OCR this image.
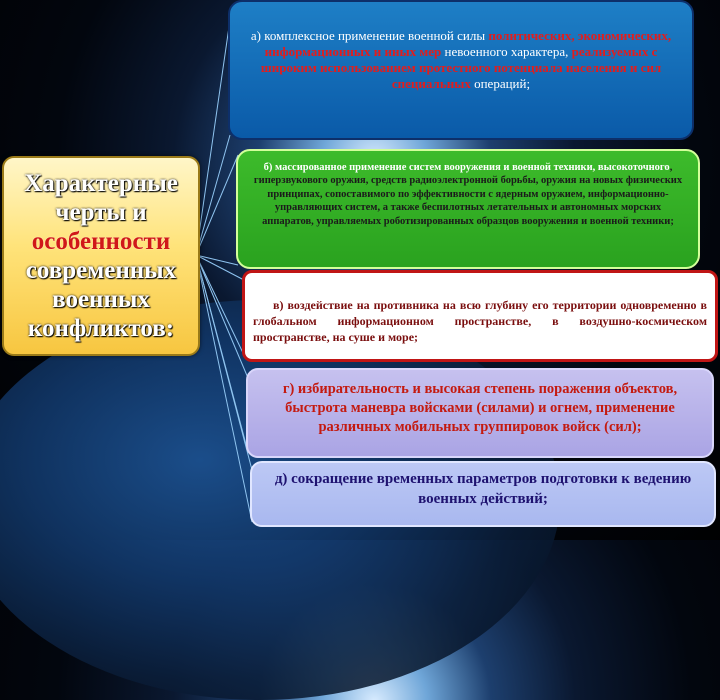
Характерные
черты и
особенности
современных
военных
конфликтов:
а) комплексное применение военной силы политических, экономических, информационных и иных мер невоенного характера, реализуемых с широким использованием протестного потенциала населения и сил специальных операций;
б) массированное применение систем вооружения и военной техники, высокоточного, гиперзвукового оружия, средств радиоэлектронной борьбы, оружия на новых физических принципах, сопоставимого по эффективности с ядерным оружием, информационно-управляющих систем, а также беспилотных летательных и автономных морских аппаратов, управляемых роботизированных образцов вооружения и военной техники;
в) воздействие на противника на всю глубину его территории одновременно в глобальном информационном пространстве, в воздушно-космическом пространстве, на суше и море;
г) избирательность и высокая степень поражения объектов, быстрота маневра войсками (силами) и огнем, применение различных мобильных группировок войск (сил);
д) сокращение временных параметров подготовки к ведению военных действий;
